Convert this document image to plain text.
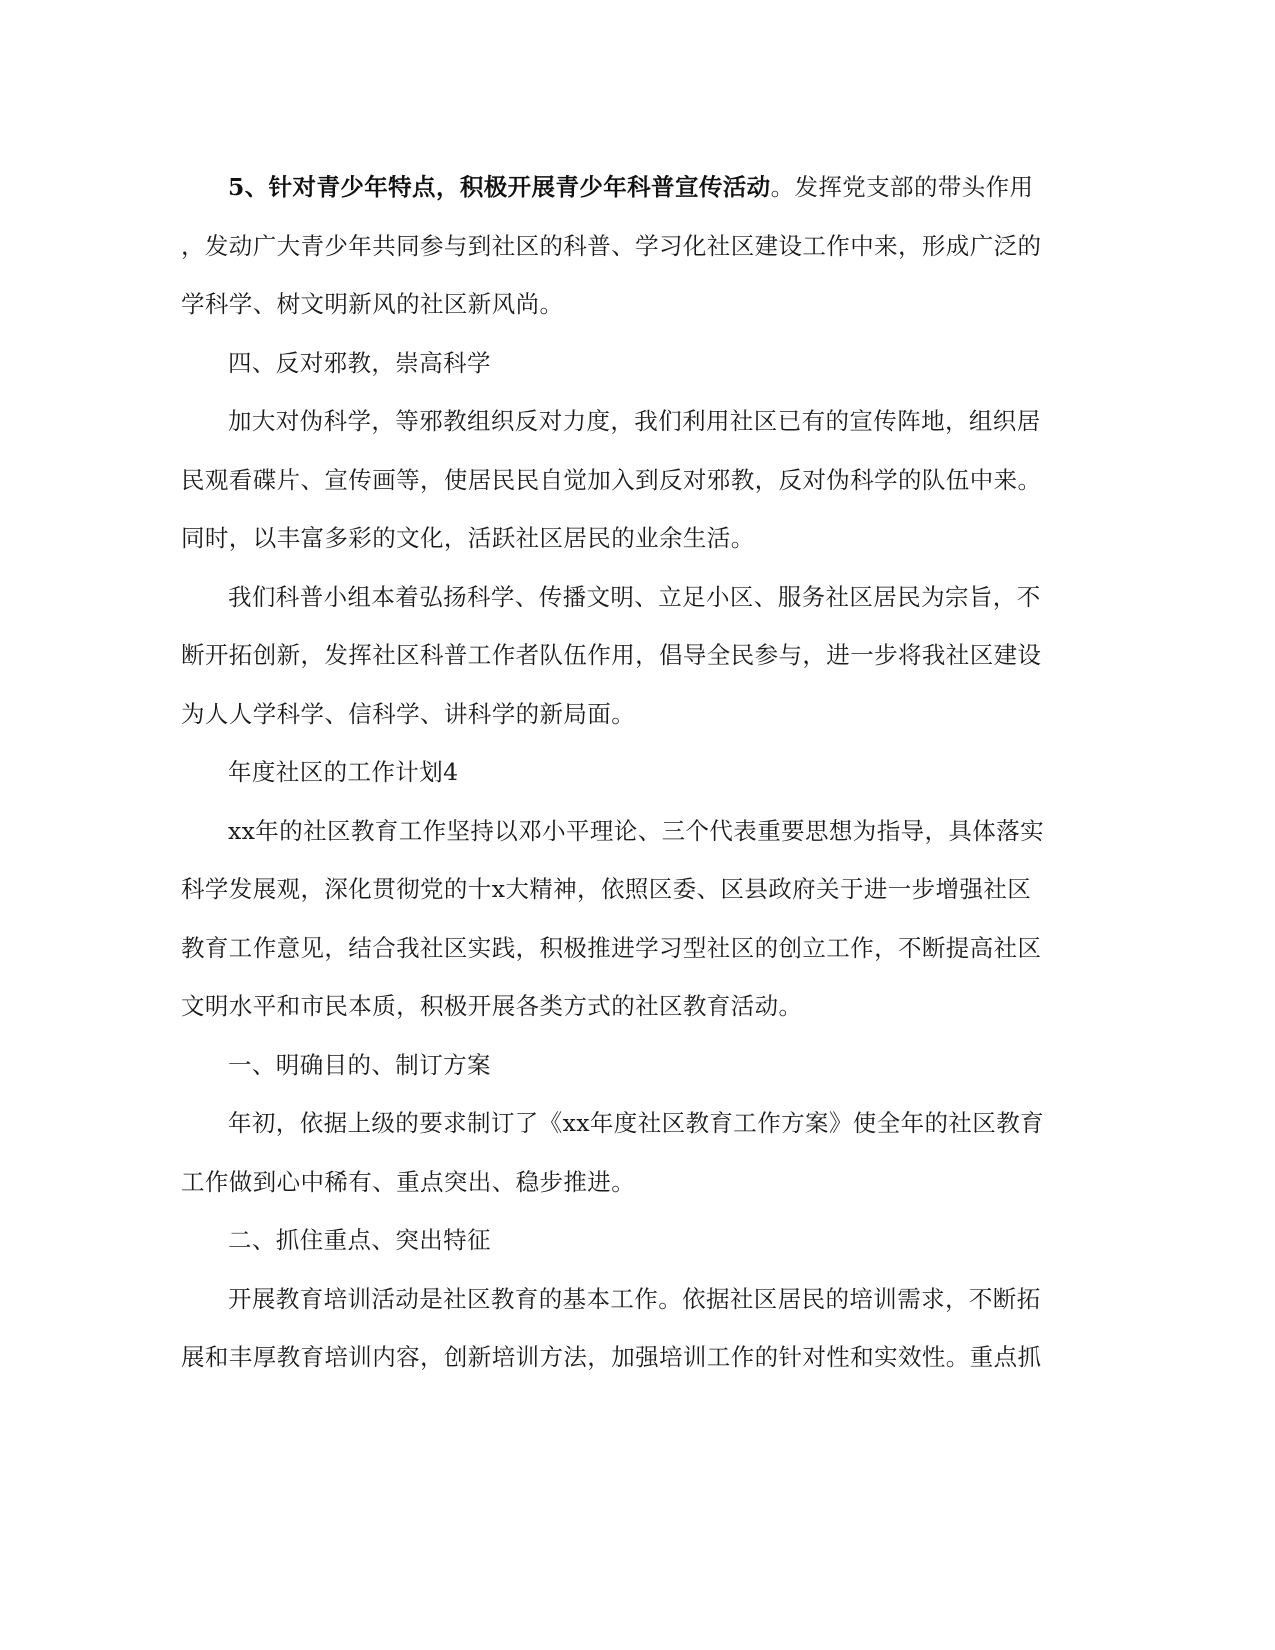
5、针对青少年特点，积极开展青少年科普宣传活动。发挥党支部的带头作用
，发动广大青少年共同参与到社区的科普、学习化社区建设工作中来，形成广泛的
学科学、树文明新风的社区新风尚。
四、反对邪教，崇高科学
加大对伪科学，等邪教组织反对力度，我们利用社区已有的宣传阵地，组织居
民观看碟片、宣传画等，使居民民自觉加入到反对邪教，反对伪科学的队伍中来。
同时，以丰富多彩的文化，活跃社区居民的业余生活。
我们科普小组本着弘扬科学、传播文明、立足小区、服务社区居民为宗旨，不
断开拓创新，发挥社区科普工作者队伍作用，倡导全民参与，进一步将我社区建设
为人人学科学、信科学、讲科学的新局面。
年度社区的工作计划4
xx年的社区教育工作坚持以邓小平理论、三个代表重要思想为指导，具体落实
科学发展观，深化贯彻党的十x大精神，依照区委、区县政府关于进一步增强社区
教育工作意见，结合我社区实践，积极推进学习型社区的创立工作，不断提高社区
文明水平和市民本质，积极开展各类方式的社区教育活动。
一、明确目的、制订方案
年初，依据上级的要求制订了《xx年度社区教育工作方案》使全年的社区教育
工作做到心中稀有、重点突出、稳步推进。
二、抓住重点、突出特征
开展教育培训活动是社区教育的基本工作。依据社区居民的培训需求，不断拓
展和丰厚教育培训内容，创新培训方法，加强培训工作的针对性和实效性。重点抓
